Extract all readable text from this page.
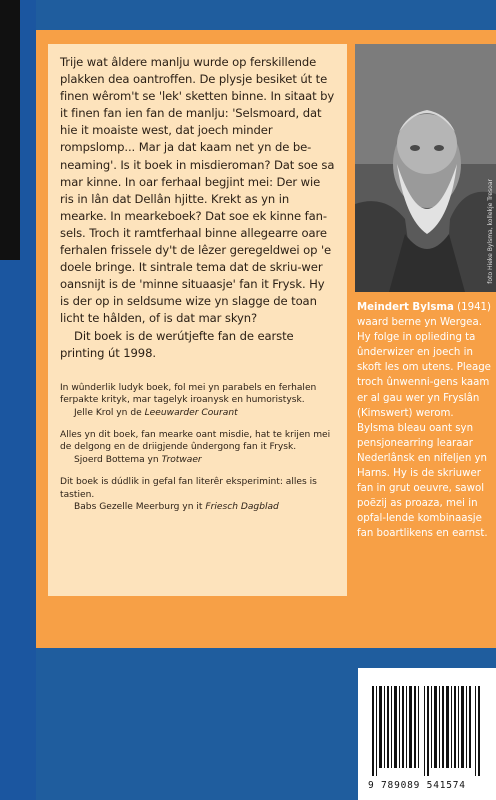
Trije wat âldere manlju wurde op ferskillende plakken dea oantroffen. De plysje besiket út te finen wêrom't se 'lek' sketten binne. In sitaat by it finen fan ien fan de manlju: 'Selsmoard, dat hie it moaiste west, dat joech minder rompslomp... Mar ja dat kaam net yn de be-neaming'. Is it boek in misdieroman? Dat soe sa mar kinne. In oar ferhaal begjint mei: Der wie ris in lân dat Dellân hjitte. Krekt as yn in mearke. In mearkeboek? Dat soe ek kinne fan-sels. Troch it ramtferhaal binne allegearre oare ferhalen frissele dy't de lêzer geregeldwei op 'e doele bringe. It sintrale tema dat de skriu-wer oansnijt is de 'minne situaasje' fan it Frysk. Hy is der op in seldsume wize yn slagge de toan licht te hâlden, of is dat mar skyn?

Dit boek is de werútjefte fan de earste printing út 1998.

In wûnderlik ludyk boek, fol mei yn parabels en ferhalen ferpakte krityk, mar tagelyk iroanysk en humoristysk.
Jelle Krol yn de Leeuwarder Courant
Alles yn dit boek, fan mearke oant misdie, hat te krijen mei de delgong en de driigjende ûndergong fan it Frysk.
Sjoerd Bottema yn Trotwaer
Dit boek is dúdlik in gefal fan literêr eksperimint: alles is tastien.
Babs Gezelle Meerburg yn it Friesch Dagblad
foto Hieke Bylsma, kollekje Tresoar

Meindert Bylsma (1941) waard berne yn Wergea. Hy folge in oplieding ta ûnderwizer en joech in skoft les om utens. Pleage troch ûnwenni-gens kaam er al gau wer yn Fryslân (Kimswert) werom. Bylsma bleau oant syn pensjonearring learaar Nederlânsk en nifeljen yn Harns. Hy is de skriuwer fan in grut oeuvre, sawol poëzij as proaza, mei in opfal-lende kombinaasje fan boartlikens en earnst.

9 789089 541574
